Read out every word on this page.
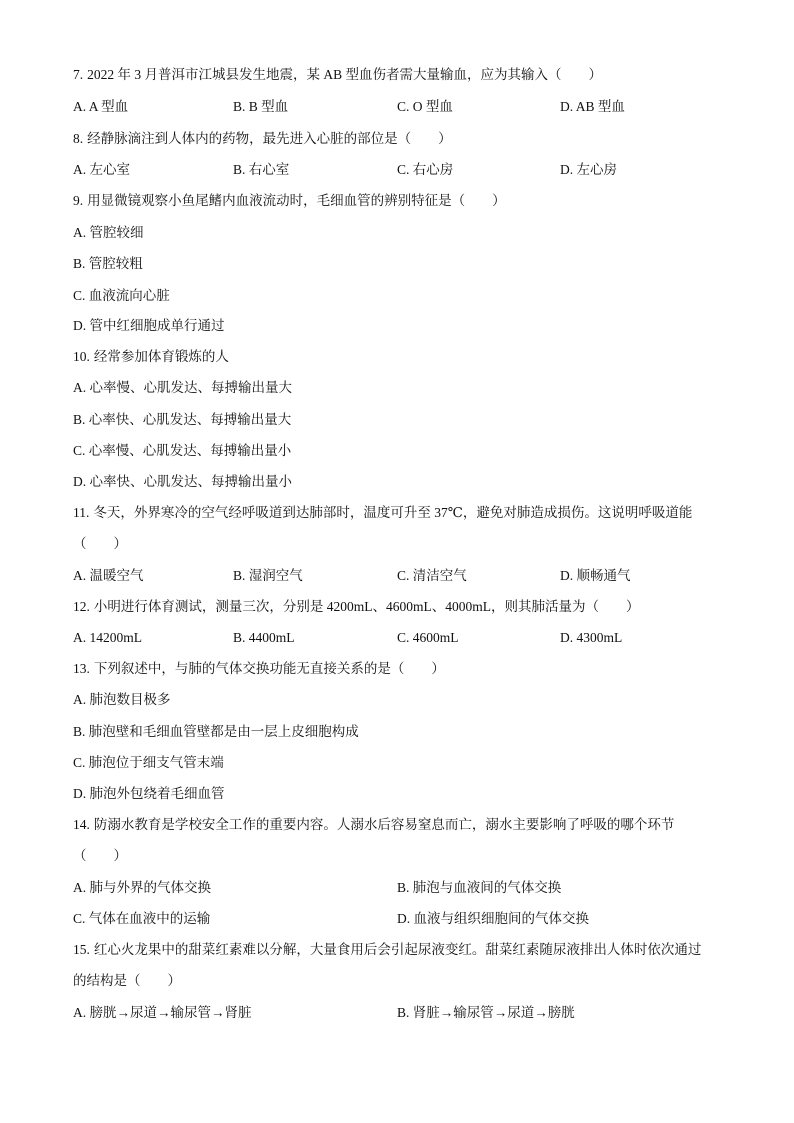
7. 2022 年 3 月普洱市江城县发生地震，某 AB 型血伤者需大量输血，应为其输入（　　）
A. A 型血	B. B 型血	C. O 型血	D. AB 型血
8. 经静脉滴注到人体内的药物，最先进入心脏的部位是（　　）
A. 左心室	B. 右心室	C. 右心房	D. 左心房
9. 用显微镜观察小鱼尾鳍内血液流动时，毛细血管的辨别特征是（　　）
A. 管腔较细
B. 管腔较粗
C. 血液流向心脏
D. 管中红细胞成单行通过
10. 经常参加体育锻炼的人
A. 心率慢、心肌发达、每搏输出量大
B. 心率快、心肌发达、每搏输出量大
C. 心率慢、心肌发达、每搏输出量小
D. 心率快、心肌发达、每搏输出量小
11. 冬天，外界寒冷的空气经呼吸道到达肺部时，温度可升至 37℃，避免对肺造成损伤。这说明呼吸道能
（　　）
A. 温暖空气	B. 湿润空气	C. 清洁空气	D. 顺畅通气
12. 小明进行体育测试，测量三次，分别是 4200mL、4600mL、4000mL，则其肺活量为（　　）
A. 14200mL	B. 4400mL	C. 4600mL	D. 4300mL
13. 下列叙述中，与肺的气体交换功能无直接关系的是（　　）
A. 肺泡数目极多
B. 肺泡壁和毛细血管壁都是由一层上皮细胞构成
C. 肺泡位于细支气管末端
D. 肺泡外包绕着毛细血管
14. 防溺水教育是学校安全工作的重要内容。人溺水后容易窒息而亡，溺水主要影响了呼吸的哪个环节
（　　）
A. 肺与外界的气体交换	B. 肺泡与血液间的气体交换
C. 气体在血液中的运输	D. 血液与组织细胞间的气体交换
15. 红心火龙果中的甜菜红素难以分解，大量食用后会引起尿液变红。甜菜红素随尿液排出人体时依次通过
的结构是（　　）
A. 膀胱→尿道→输尿管→肾脏	B. 肾脏→输尿管→尿道→膀胱
